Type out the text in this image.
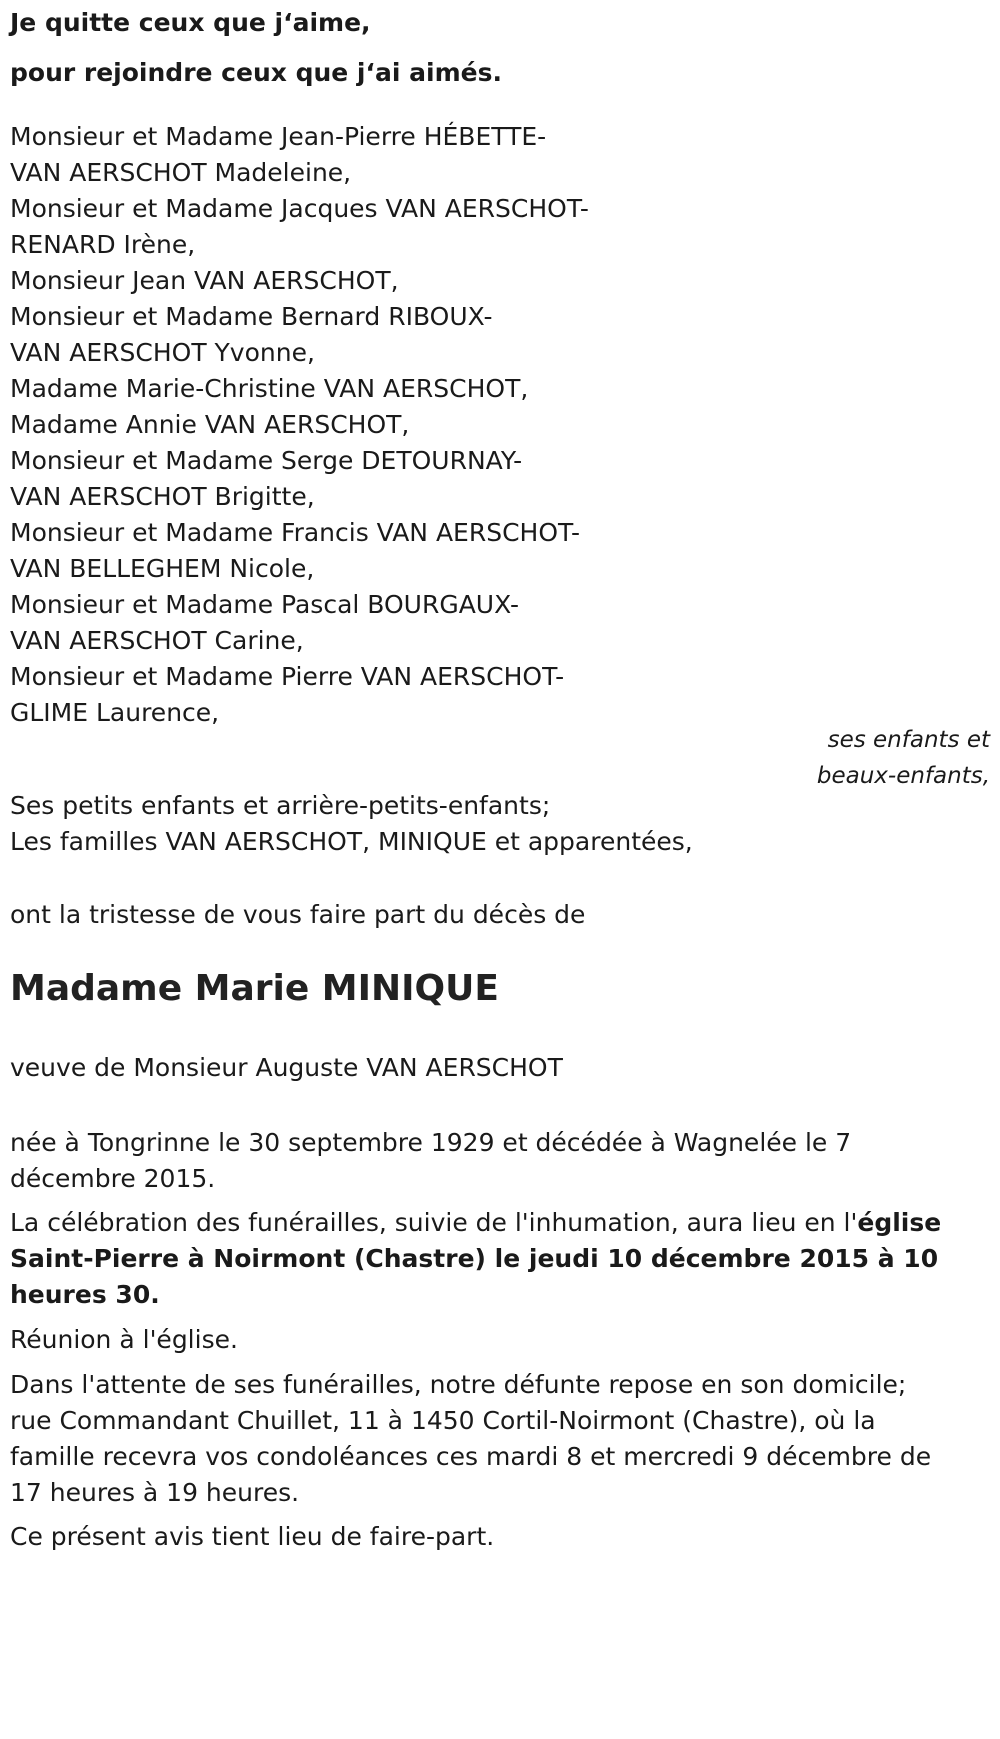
Je quitte ceux que j‘aime,
pour rejoindre ceux que j‘ai aimés.
Monsieur et Madame Jean-Pierre HÉBETTE-
VAN AERSCHOT Madeleine,
Monsieur et Madame Jacques VAN AERSCHOT-
RENARD Irène,
Monsieur Jean VAN AERSCHOT,
Monsieur et Madame Bernard RIBOUX-
VAN AERSCHOT Yvonne,
Madame Marie-Christine VAN AERSCHOT,
Madame Annie VAN AERSCHOT,
Monsieur et Madame Serge DETOURNAY-
VAN AERSCHOT Brigitte,
Monsieur et Madame Francis VAN AERSCHOT-
VAN BELLEGHEM Nicole,
Monsieur et Madame Pascal BOURGAUX-
VAN AERSCHOT Carine,
Monsieur et Madame Pierre VAN AERSCHOT-
GLIME Laurence,
ses enfants et
beaux-enfants,
Ses petits enfants et arrière-petits-enfants;
Les familles VAN AERSCHOT, MINIQUE et apparentées,
ont la tristesse de vous faire part du décès de
Madame Marie MINIQUE
veuve de Monsieur Auguste VAN AERSCHOT
née à Tongrinne le 30 septembre 1929 et décédée à Wagnelée le 7 décembre 2015.
La célébration des funérailles, suivie de l'inhumation, aura lieu en l'église Saint-Pierre à Noirmont (Chastre) le jeudi 10 décembre 2015 à 10 heures 30.
Réunion à l'église.
Dans l'attente de ses funérailles, notre défunte repose en son domicile; rue Commandant Chuillet, 11 à 1450 Cortil-Noirmont (Chastre), où la famille recevra vos condoléances ces mardi 8 et mercredi 9 décembre de 17 heures à 19 heures.
Ce présent avis tient lieu de faire-part.
